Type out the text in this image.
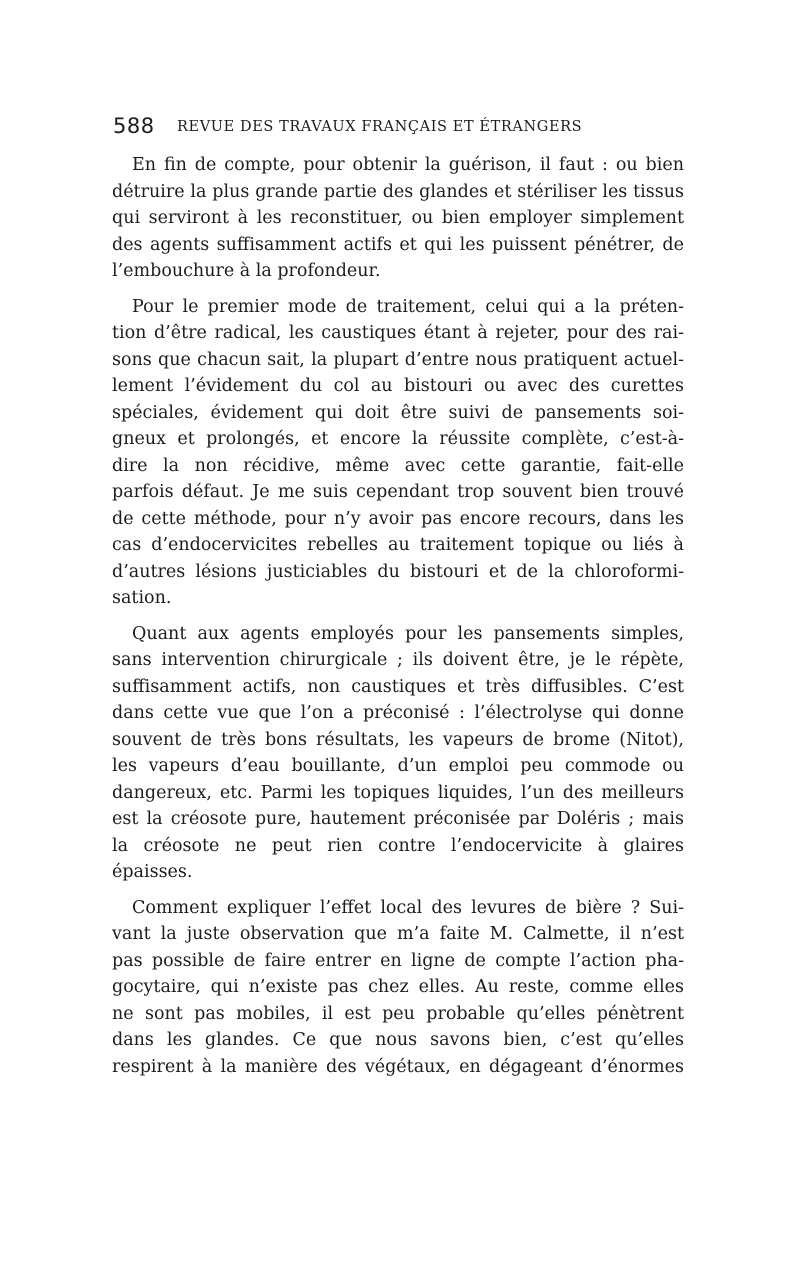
588 REVUE DES TRAVAUX FRANÇAIS ET ÉTRANGERS

En fin de compte, pour obtenir la guérison, il faut : ou bien
détruire la plus grande partie des glandes et stériliser les tissus
qui serviront à les reconstituer, ou bien employer simplement
des agents suffisamment actifs et qui les puissent pénétrer, de
l’embouchure à la profondeur.

Pour le premier mode de traitement, celui qui a la préten-
tion d’être radical, les caustiques étant à rejeter, pour des rai-
sons que chacun sait, la plupart d’entre nous pratiquent actuel-
lement l’évidement du col au bistouri ou avec des curettes
spéciales, évidement qui doit être suivi de pansements soi-
gneux et prolongés, et encore la réussite complète, c’est-à-
dire la non récidive, même avec cette garantie, fait-elle
parfois défaut. Je me suis cependant trop souvent bien trouvé
de cette méthode, pour n’y avoir pas encore recours, dans les
cas d’endocervicites rebelles au traitement topique ou liés à
d’autres lésions justiciables du bistouri et de la chloroformi-
sation.

Quant aux agents employés pour les pansements simples,
sans intervention chirurgicale ; ils doivent être, je le répète,
suffisamment actifs, non caustiques et très diffusibles. C’est
dans cette vue que l’on a préconisé : l’électrolyse qui donne
souvent de très bons résultats, les vapeurs de brome (Nitot),
les vapeurs d’eau bouillante, d’un emploi peu commode ou
dangereux, etc. Parmi les topiques liquides, l’un des meilleurs
est la créosote pure, hautement préconisée par Doléris ; mais
la créosote ne peut rien contre l’endocervicite à glaires
épaisses.

Comment expliquer l’effet local des levures de bière ? Sui-
vant la juste observation que m’a faite M. Calmette, il n’est
pas possible de faire entrer en ligne de compte l’action pha-
gocytaire, qui n’existe pas chez elles. Au reste, comme elles
ne sont pas mobiles, il est peu probable qu’elles pénètrent
dans les glandes. Ce que nous savons bien, c’est qu’elles
respirent à la manière des végétaux, en dégageant d’énormes
